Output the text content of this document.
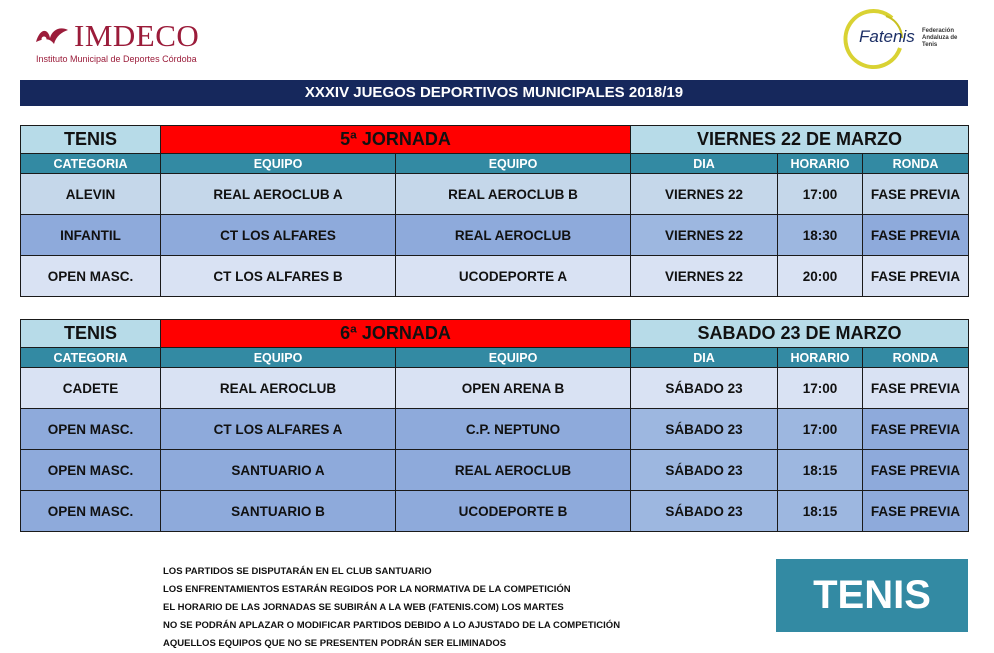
IMDECO
Instituto Municipal de Deportes Córdoba
Fatenis Federación Andaluza de Tenis
XXXIV JUEGOS DEPORTIVOS MUNICIPALES 2018/19
TENIS	5ª JORNADA		VIERNES 22 DE MARZO		
CATEGORIA	EQUIPO	EQUIPO	DIA	HORARIO	RONDA
ALEVIN	REAL AEROCLUB A	REAL AEROCLUB B	VIERNES 22	17:00	FASE PREVIA
INFANTIL	CT LOS ALFARES	REAL AEROCLUB	VIERNES 22	18:30	FASE PREVIA
OPEN MASC.	CT LOS ALFARES B	UCODEPORTE A	VIERNES 22	20:00	FASE PREVIA
TENIS	6ª JORNADA		SABADO 23 DE MARZO		
CATEGORIA	EQUIPO	EQUIPO	DIA	HORARIO	RONDA
CADETE	REAL AEROCLUB	OPEN ARENA B	SÁBADO 23	17:00	FASE PREVIA
OPEN MASC.	CT LOS ALFARES A	C.P. NEPTUNO	SÁBADO 23	17:00	FASE PREVIA
OPEN MASC.	SANTUARIO A	REAL AEROCLUB	SÁBADO 23	18:15	FASE PREVIA
OPEN MASC.	SANTUARIO B	UCODEPORTE B	SÁBADO 23	18:15	FASE PREVIA
LOS PARTIDOS SE DISPUTARÁN EN EL CLUB SANTUARIO
LOS ENFRENTAMIENTOS ESTARÁN REGIDOS POR LA NORMATIVA DE LA COMPETICIÓN
EL HORARIO DE LAS JORNADAS SE SUBIRÁN A LA WEB (FATENIS.COM) LOS MARTES
NO SE PODRÁN APLAZAR O MODIFICAR PARTIDOS DEBIDO A LO AJUSTADO DE LA COMPETICIÓN
AQUELLOS EQUIPOS QUE NO SE PRESENTEN PODRÁN SER ELIMINADOS
TENIS
